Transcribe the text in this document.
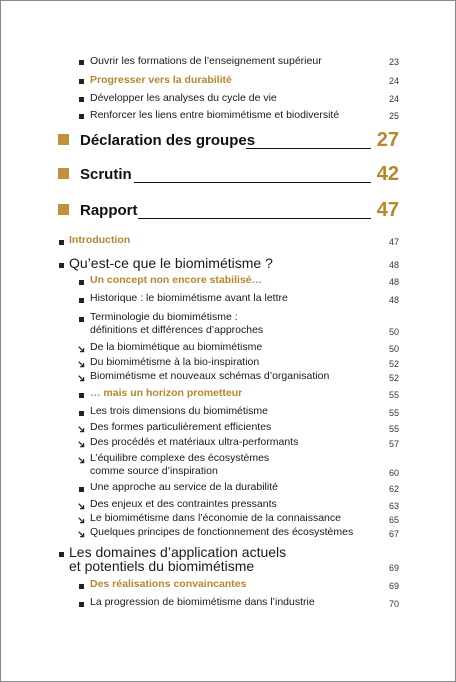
Ouvrir les formations de l’enseignement supérieur	23
Progresser vers la durabilité	24
Développer les analyses du cycle de vie	24
Renforcer les liens entre biomimétisme et biodiversité	25
Déclaration des groupes	27
Scrutin	42
Rapport	47
Introduction	47
Qu’est-ce que le biomimétisme ?	48
Un concept non encore stabilisé…	48
Historique : le biomimétisme avant la lettre	48
Terminologie du biomimétisme :
définitions et différences d’approches	50
De la biomimétique au biomimétisme	50
Du biomimétisme à la bio-inspiration	52
Biomimétisme et nouveaux schémas d’organisation	52
… mais un horizon prometteur	55
Les trois dimensions du biomimétisme	55
Des formes particulièrement efficientes	55
Des procédés et matériaux ultra-performants	57
L’équilibre complexe des écosystèmes
comme source d’inspiration	60
Une approche au service de la durabilité	62
Des enjeux et des contraintes pressants	63
Le biomimétisme dans l’économie de la connaissance	65
Quelques principes de fonctionnement des écosystèmes	67
Les domaines d’application actuels
et potentiels du biomimétisme	69
Des réalisations convaincantes	69
La progression de biomimétisme dans l’industrie	70
